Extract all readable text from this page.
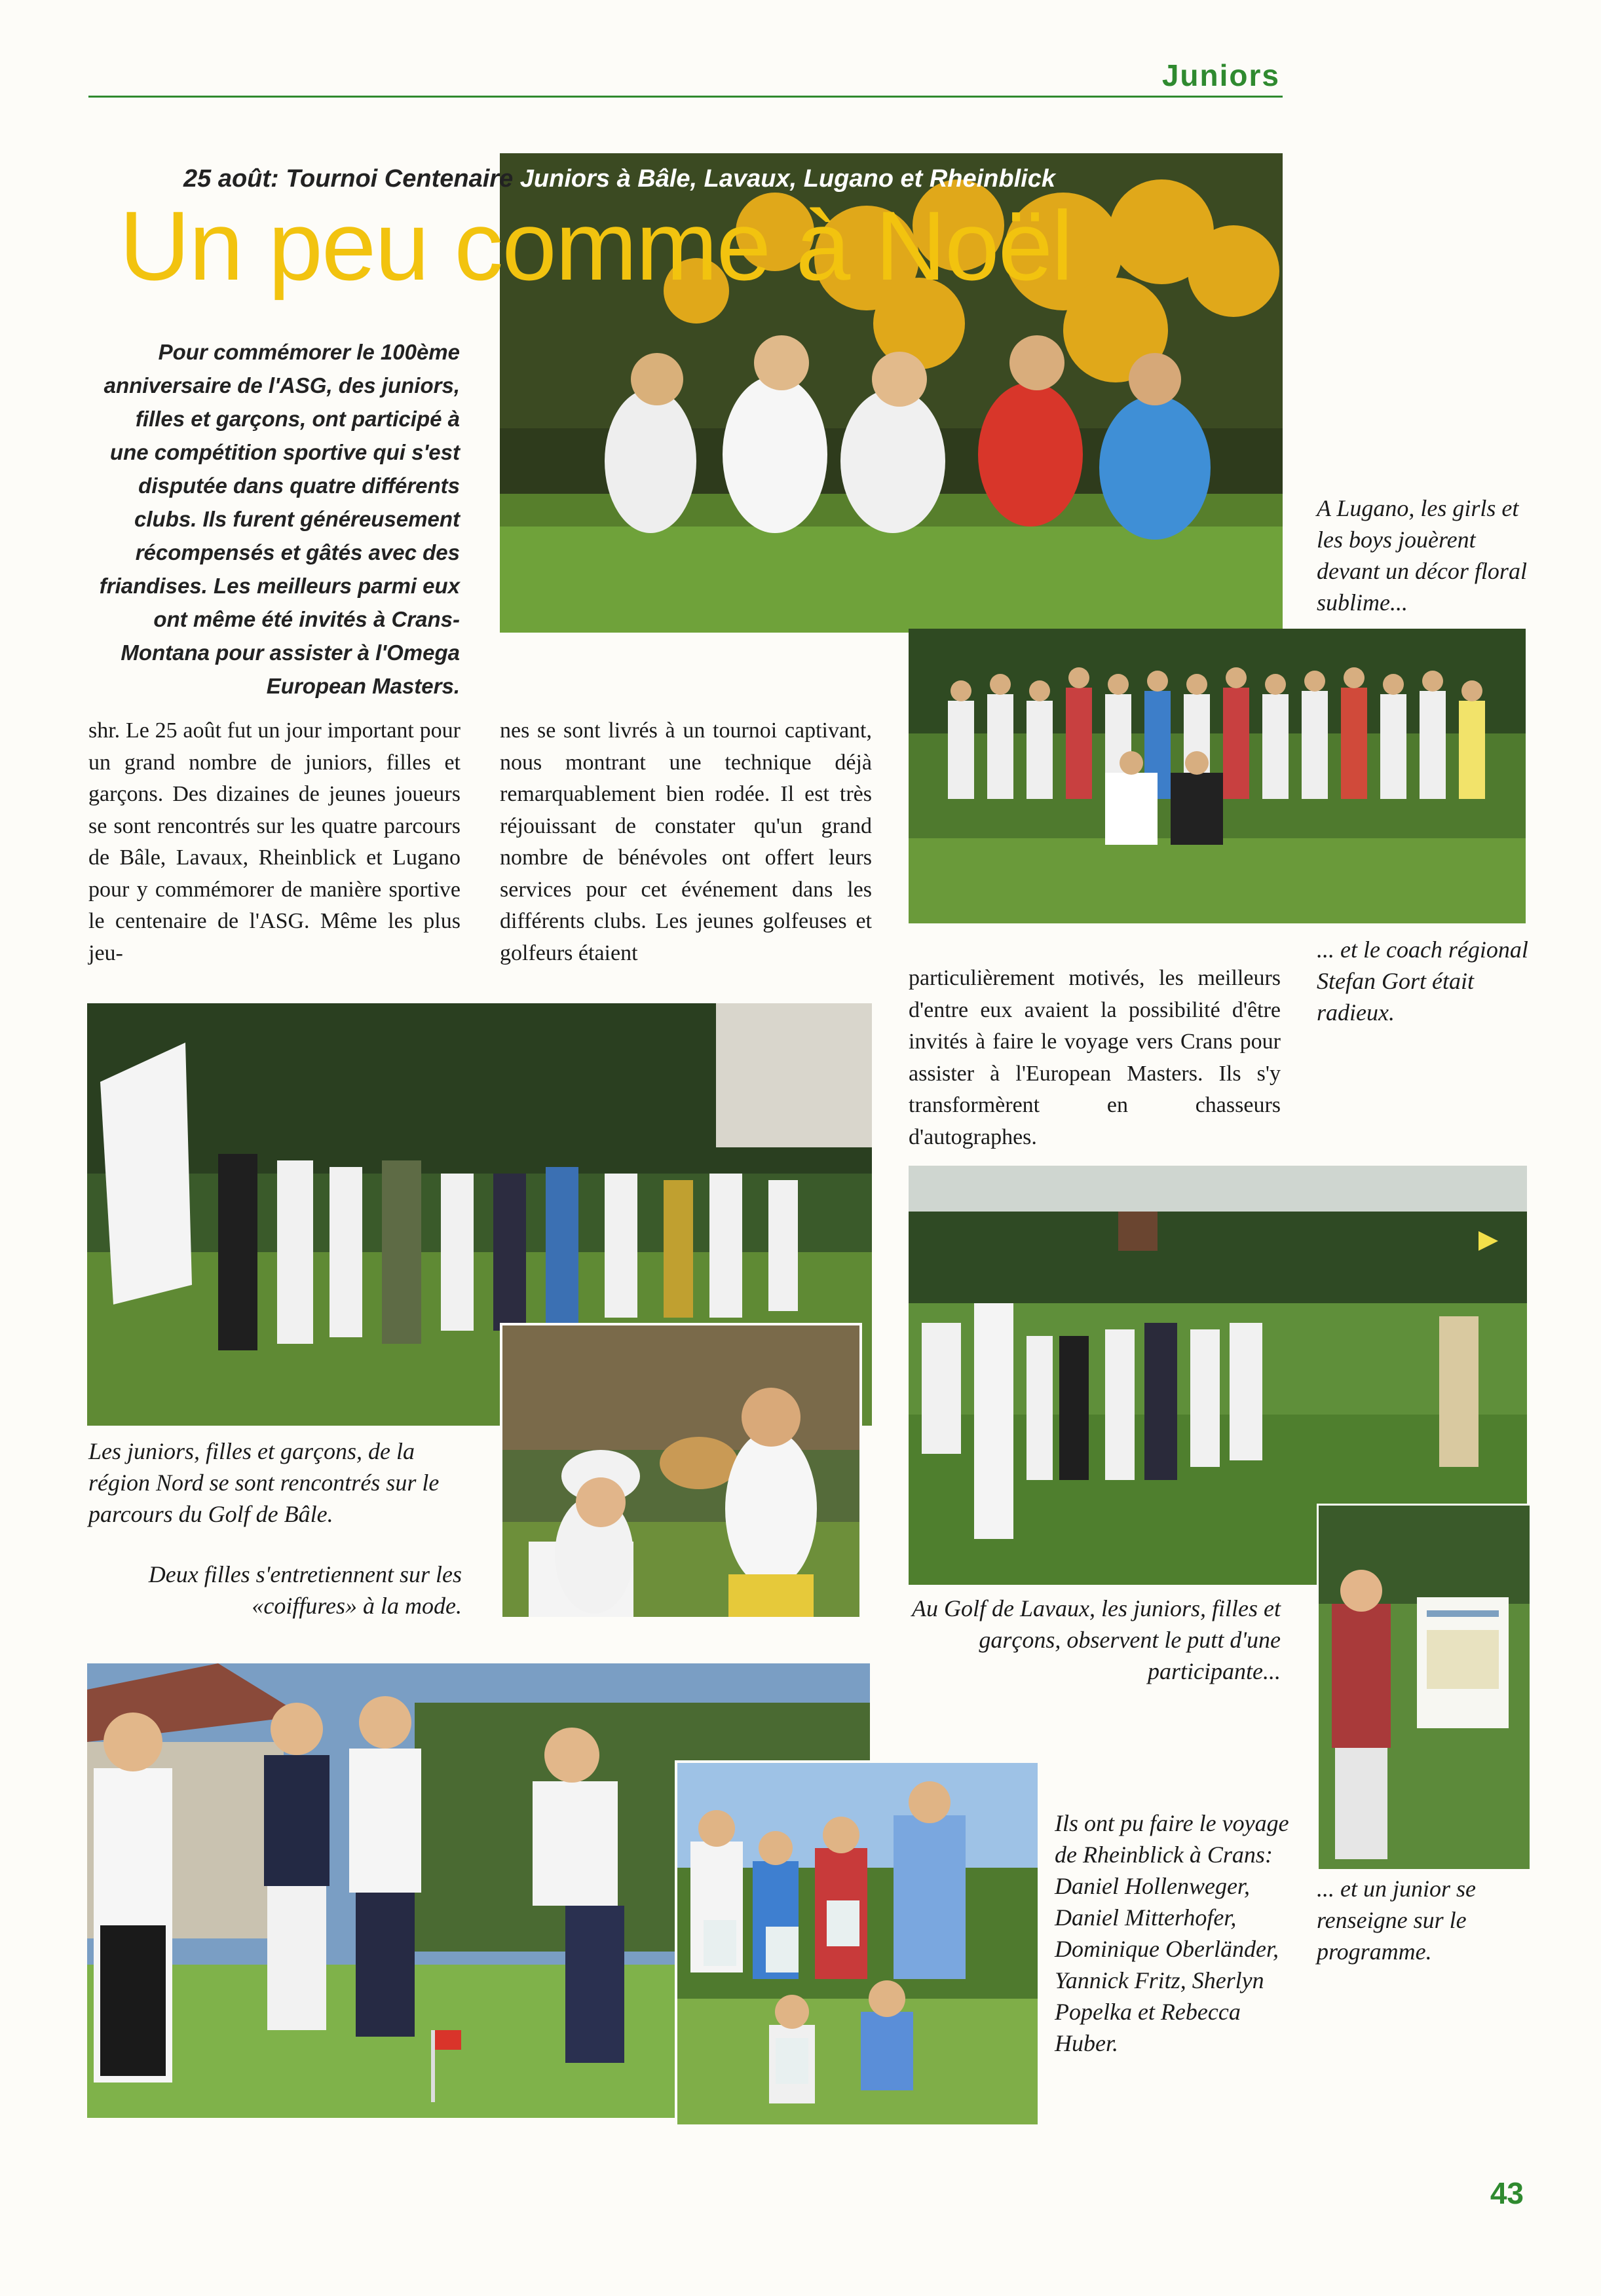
Juniors
25 août: Tournoi Centenaire Juniors à Bâle, Lavaux, Lugano et Rheinblick
Un peu comme à Noël
Pour commémorer le 100ème anniversaire de l'ASG, des juniors, filles et garçons, ont participé à une compétition sportive qui s'est disputée dans quatre différents clubs. Ils furent généreusement récompensés et gâtés avec des friandises. Les meilleurs parmi eux ont même été invités à Crans-Montana pour assister à l'Omega European Masters.
A Lugano, les girls et les boys jouèrent devant un décor floral sublime...
shr. Le 25 août fut un jour important pour un grand nombre de juniors, filles et garçons. Des dizaines de jeunes joueurs se sont rencontrés sur les quatre parcours de Bâle, Lavaux, Rheinblick et Lugano pour y commémorer de manière sportive le centenaire de l'ASG. Même les plus jeu-
nes se sont livrés à un tournoi captivant, nous montrant une technique déjà remarquablement bien rodée. Il est très réjouissant de constater qu'un grand nombre de bénévoles ont offert leurs services pour cet événement dans les différents clubs. Les jeunes golfeuses et golfeurs étaient	... et le coach régional Stefan Gort était radieux.
particulièrement motivés, les meilleurs d'entre eux avaient la possibilité d'être invités à faire le voyage vers Crans pour assister à l'European Masters. Ils s'y transformèrent en chasseurs d'autographes.
Les juniors, filles et garçons, de la région Nord se sont rencontrés sur le parcours du Golf de Bâle.
Deux filles s'entretiennent sur les «coiffures» à la mode.	Au Golf de Lavaux, les juniors, filles et garçons, observent le putt d'une participante...
Ils ont pu faire le voyage de Rheinblick à Crans: Daniel Hollenweger, Daniel Mitterhofer, Dominique Oberländer, Yannick Fritz, Sherlyn Popelka et Rebecca Huber.
... et un junior se renseigne sur le programme.
43
